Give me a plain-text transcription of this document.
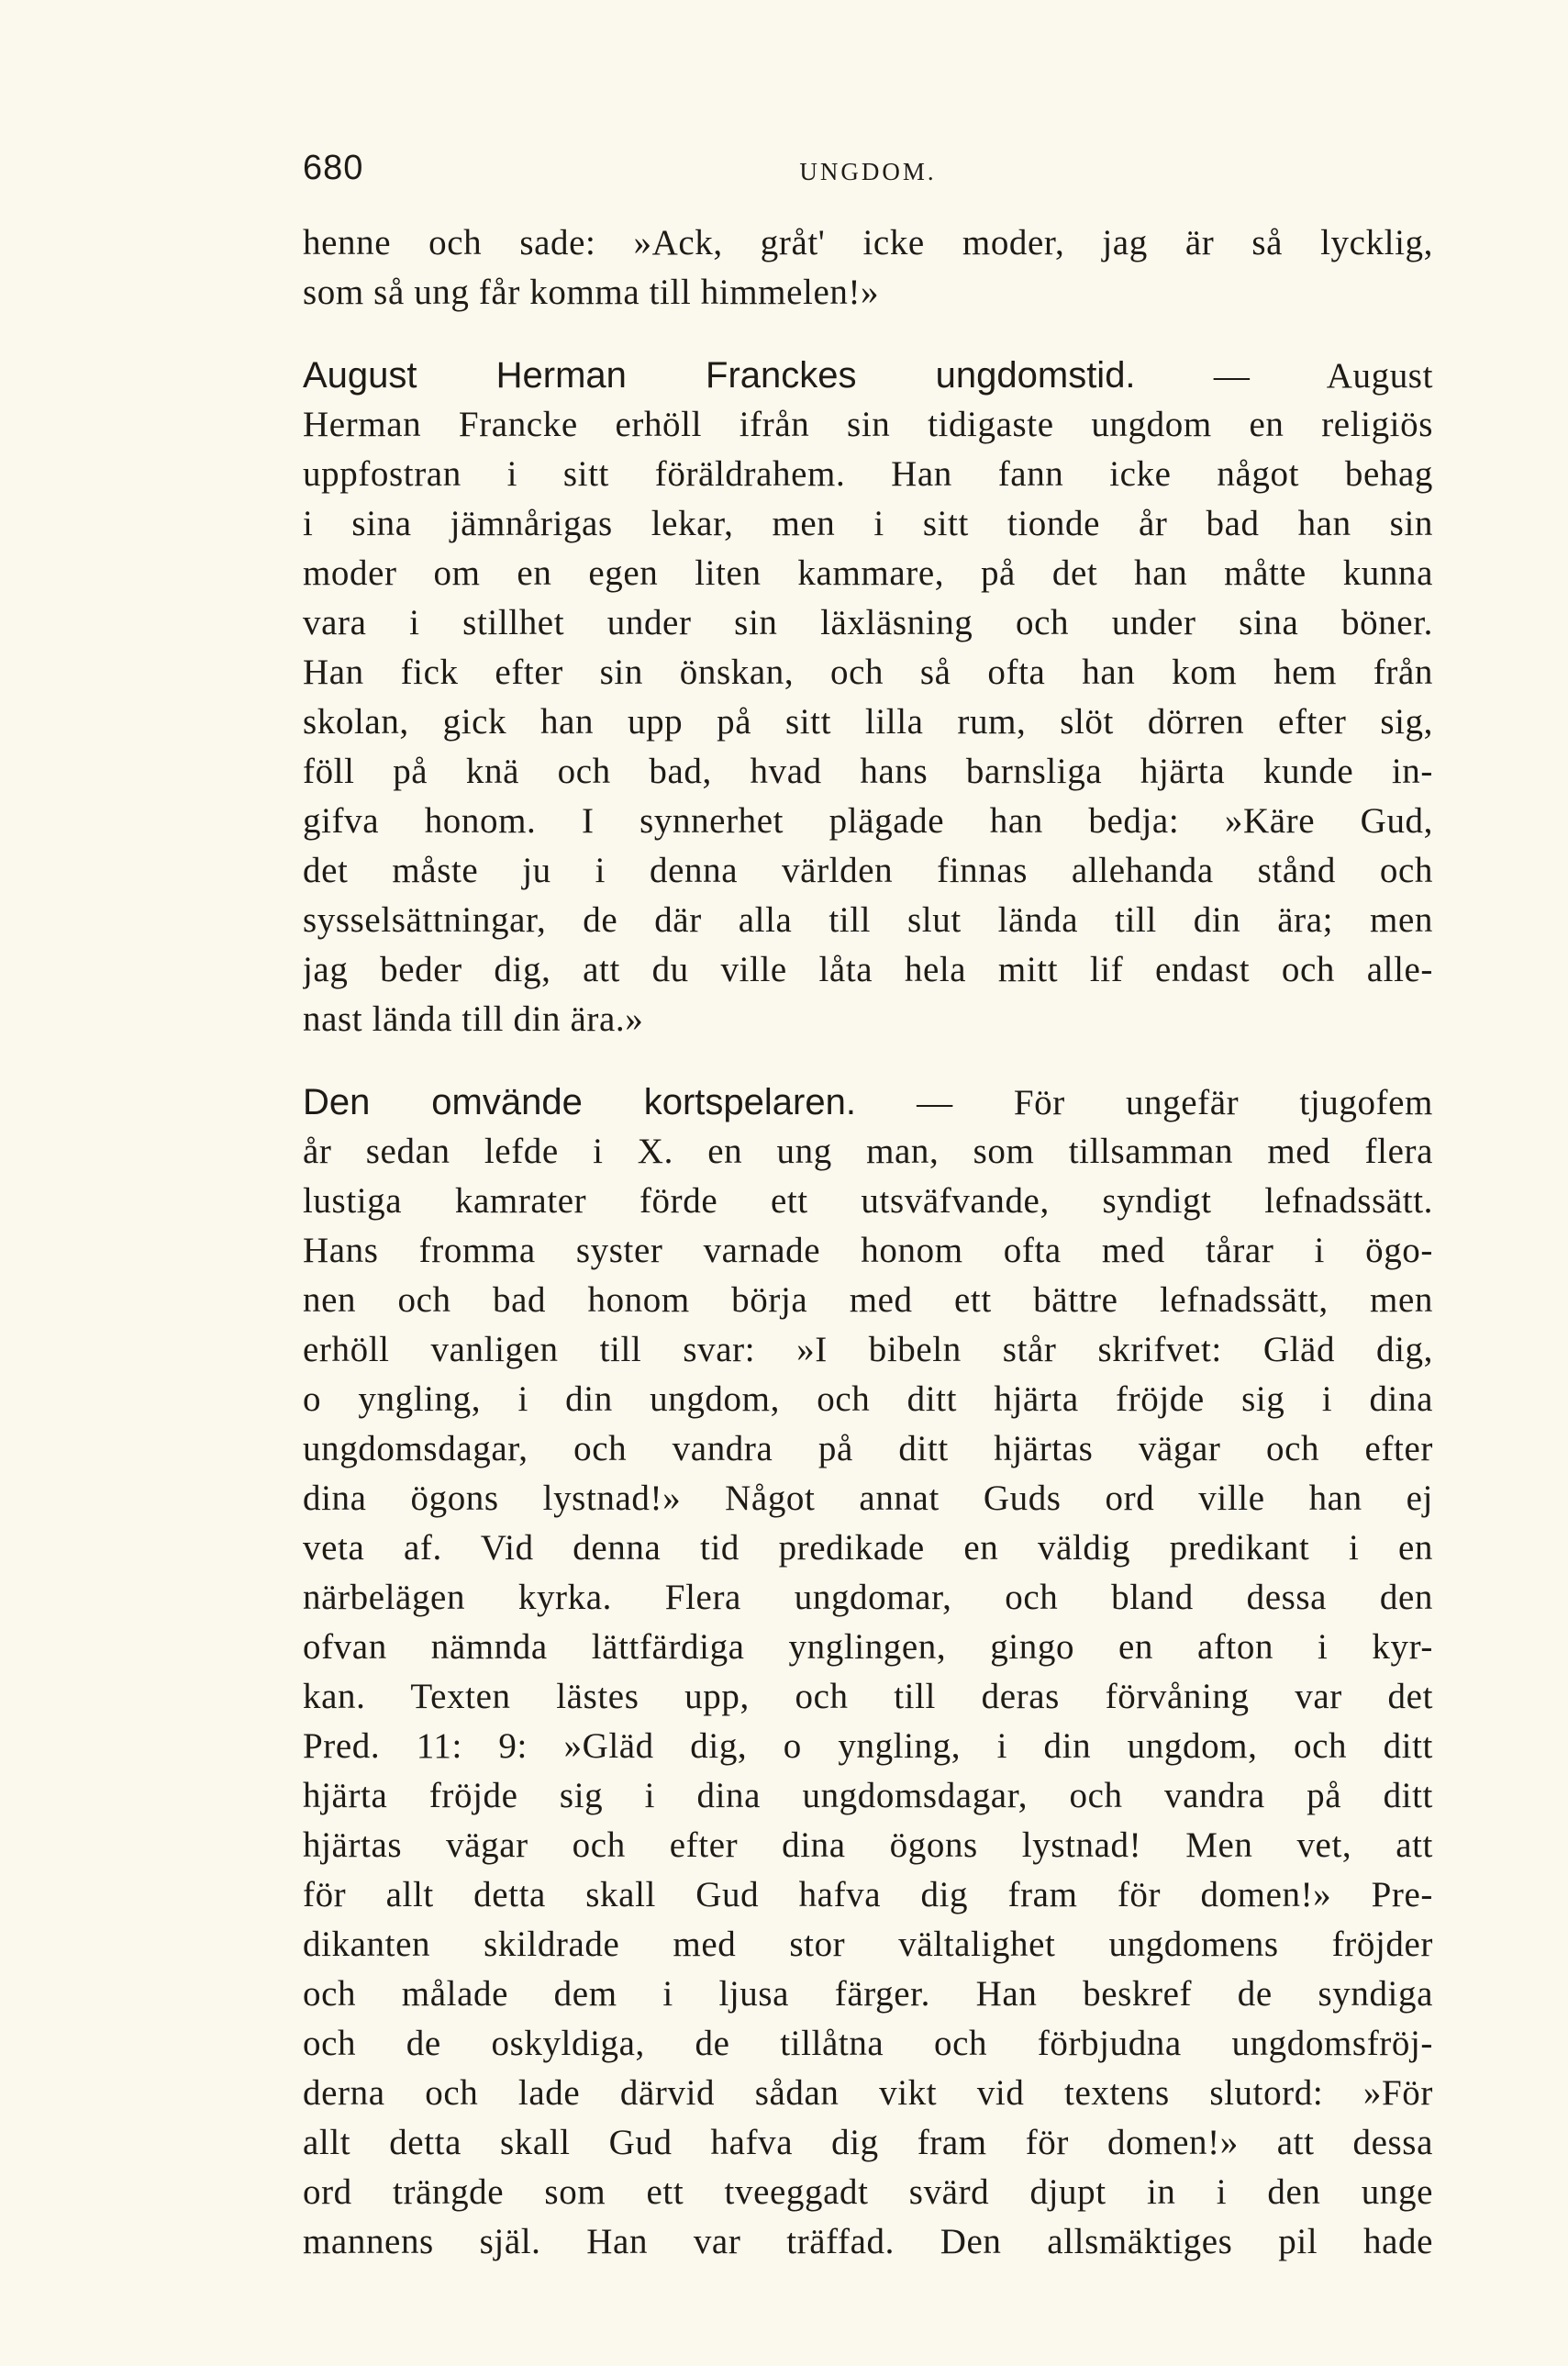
680	UNGDOM.
henne och sade: »Ack, gråt' icke moder, jag är så lycklig,
som så ung får komma till himmelen!»
August Herman Franckes ungdomstid. — August
Herman Francke erhöll ifrån sin tidigaste ungdom en religiös
uppfostran i sitt föräldrahem. Han fann icke något behag
i sina jämnårigas lekar, men i sitt tionde år bad han sin
moder om en egen liten kammare, på det han måtte kunna
vara i stillhet under sin läxläsning och under sina böner.
Han fick efter sin önskan, och så ofta han kom hem från
skolan, gick han upp på sitt lilla rum, slöt dörren efter sig,
föll på knä och bad, hvad hans barnsliga hjärta kunde in-
gifva honom. I synnerhet plägade han bedja: »Käre Gud,
det måste ju i denna världen finnas allehanda stånd och
sysselsättningar, de där alla till slut lända till din ära; men
jag beder dig, att du ville låta hela mitt lif endast och alle-
nast lända till din ära.»
Den omvände kortspelaren. — För ungefär tjugofem
år sedan lefde i X. en ung man, som tillsamman med flera
lustiga kamrater förde ett utsväfvande, syndigt lefnadssätt.
Hans fromma syster varnade honom ofta med tårar i ögo-
nen och bad honom börja med ett bättre lefnadssätt, men
erhöll vanligen till svar: »I bibeln står skrifvet: Gläd dig,
o yngling, i din ungdom, och ditt hjärta fröjde sig i dina
ungdomsdagar, och vandra på ditt hjärtas vägar och efter
dina ögons lystnad!» Något annat Guds ord ville han ej
veta af. Vid denna tid predikade en väldig predikant i en
närbelägen kyrka. Flera ungdomar, och bland dessa den
ofvan nämnda lättfärdiga ynglingen, gingo en afton i kyr-
kan. Texten lästes upp, och till deras förvåning var det
Pred. 11: 9: »Gläd dig, o yngling, i din ungdom, och ditt
hjärta fröjde sig i dina ungdomsdagar, och vandra på ditt
hjärtas vägar och efter dina ögons lystnad! Men vet, att
för allt detta skall Gud hafva dig fram för domen!» Pre-
dikanten skildrade med stor vältalighet ungdomens fröjder
och målade dem i ljusa färger. Han beskref de syndiga
och de oskyldiga, de tillåtna och förbjudna ungdomsfröj-
derna och lade därvid sådan vikt vid textens slutord: »För
allt detta skall Gud hafva dig fram för domen!» att dessa
ord trängde som ett tveeggadt svärd djupt in i den unge
mannens själ. Han var träffad. Den allsmäktiges pil hade
